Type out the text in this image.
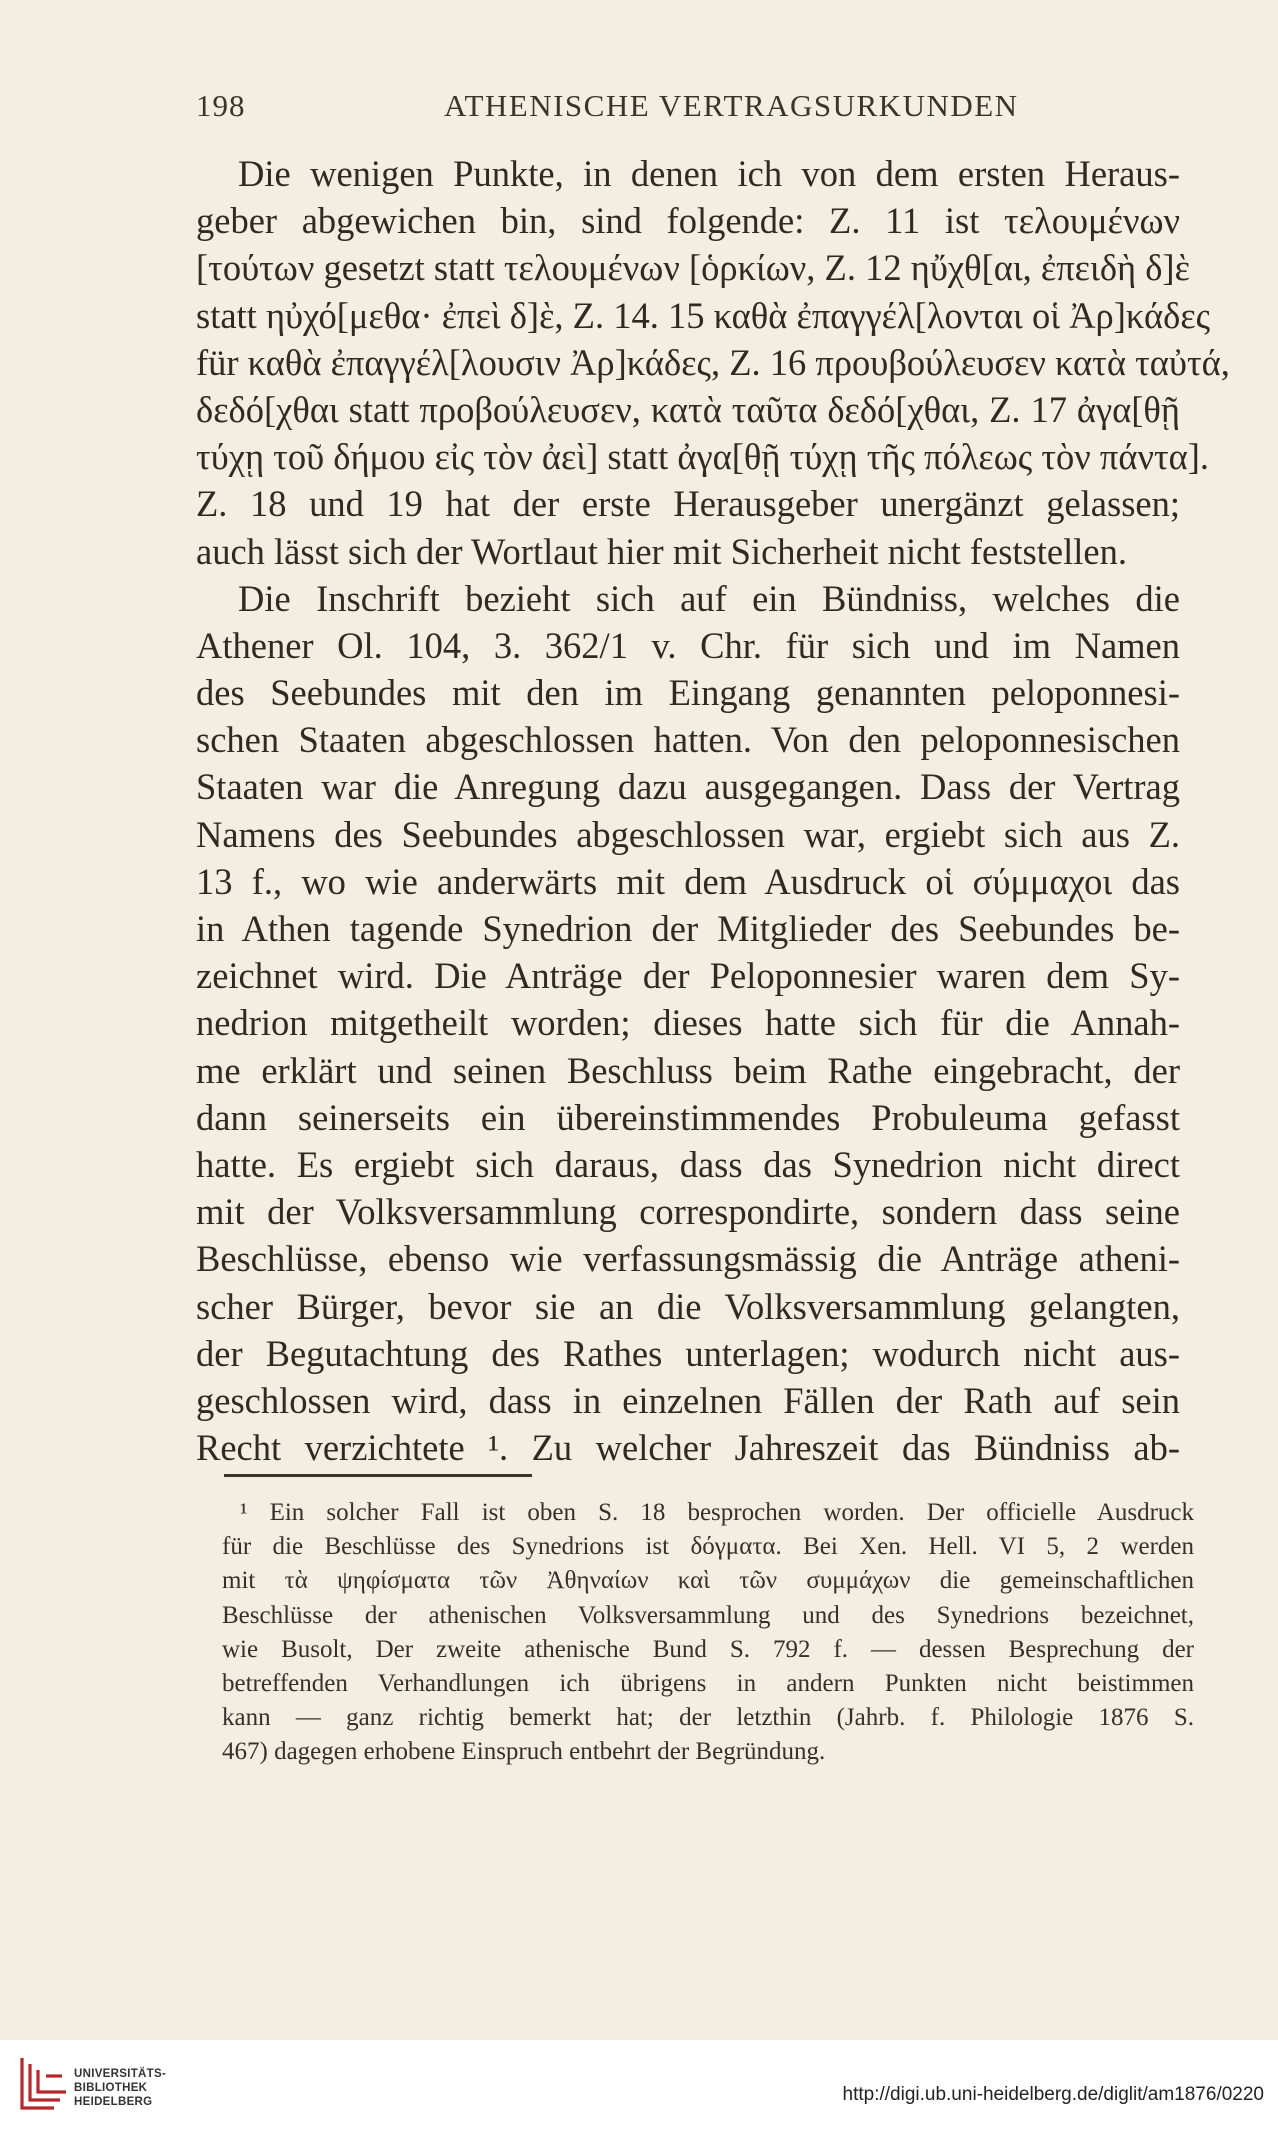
198	ATHENISCHE VERTRAGSURKUNDEN
Die wenigen Punkte, in denen ich von dem ersten Heraus-
geber abgewichen bin, sind folgende: Z. 11 ist τελουμένων
[τούτων gesetzt statt τελουμένων [ὁρκίων, Z. 12 ηὔχθ[αι, ἐπειδὴ δ]ὲ
statt ηὐχό[μεθα· ἐπεὶ δ]ὲ, Z. 14. 15 καθὰ ἐπαγγέλ[λονται οἱ Ἀρ]κάδες
für καθὰ ἐπαγγέλ[λουσιν Ἀρ]κάδες, Z. 16 προυβούλευσεν κατὰ ταὐτά,
δεδό[χθαι statt προβούλευσεν, κατὰ ταῦτα δεδό[χθαι, Z. 17 ἀγα[θῇ
τύχῃ τοῦ δήμου εἰς τὸν ἀεὶ] statt ἀγα[θῇ τύχῃ τῆς πόλεως τὸν πάντα].
Z. 18 und 19 hat der erste Herausgeber unergänzt gelassen;
auch lässt sich der Wortlaut hier mit Sicherheit nicht feststellen.
Die Inschrift bezieht sich auf ein Bündniss, welches die
Athener Ol. 104, 3. 362/1 v. Chr. für sich und im Namen
des Seebundes mit den im Eingang genannten peloponnesi-
schen Staaten abgeschlossen hatten. Von den peloponnesischen
Staaten war die Anregung dazu ausgegangen. Dass der Vertrag
Namens des Seebundes abgeschlossen war, ergiebt sich aus Z.
13 f., wo wie anderwärts mit dem Ausdruck οἱ σύμμαχοι das
in Athen tagende Synedrion der Mitglieder des Seebundes be-
zeichnet wird. Die Anträge der Peloponnesier waren dem Sy-
nedrion mitgetheilt worden; dieses hatte sich für die Annah-
me erklärt und seinen Beschluss beim Rathe eingebracht, der
dann seinerseits ein übereinstimmendes Probuleuma gefasst
hatte. Es ergiebt sich daraus, dass das Synedrion nicht direct
mit der Volksversammlung correspondirte, sondern dass seine
Beschlüsse, ebenso wie verfassungsmässig die Anträge atheni-
scher Bürger, bevor sie an die Volksversammlung gelangten,
der Begutachtung des Rathes unterlagen; wodurch nicht aus-
geschlossen wird, dass in einzelnen Fällen der Rath auf sein
Recht verzichtete ¹. Zu welcher Jahreszeit das Bündniss ab-
¹ Ein solcher Fall ist oben S. 18 besprochen worden. Der officielle Ausdruck
für die Beschlüsse des Synedrions ist δόγματα. Bei Xen. Hell. VI 5, 2 werden
mit τὰ ψηφίσματα τῶν Ἀθηναίων καὶ τῶν συμμάχων die gemeinschaftlichen
Beschlüsse der athenischen Volksversammlung und des Synedrions bezeichnet,
wie Busolt, Der zweite athenische Bund S. 792 f. — dessen Besprechung der
betreffenden Verhandlungen ich übrigens in andern Punkten nicht beistimmen
kann — ganz richtig bemerkt hat; der letzthin (Jahrb. f. Philologie 1876 S.
467) dagegen erhobene Einspruch entbehrt der Begründung.
UNIVERSITÄTS-
BIBLIOTHEK
HEIDELBERG	http://digi.ub.uni-heidelberg.de/diglit/am1876/0220
